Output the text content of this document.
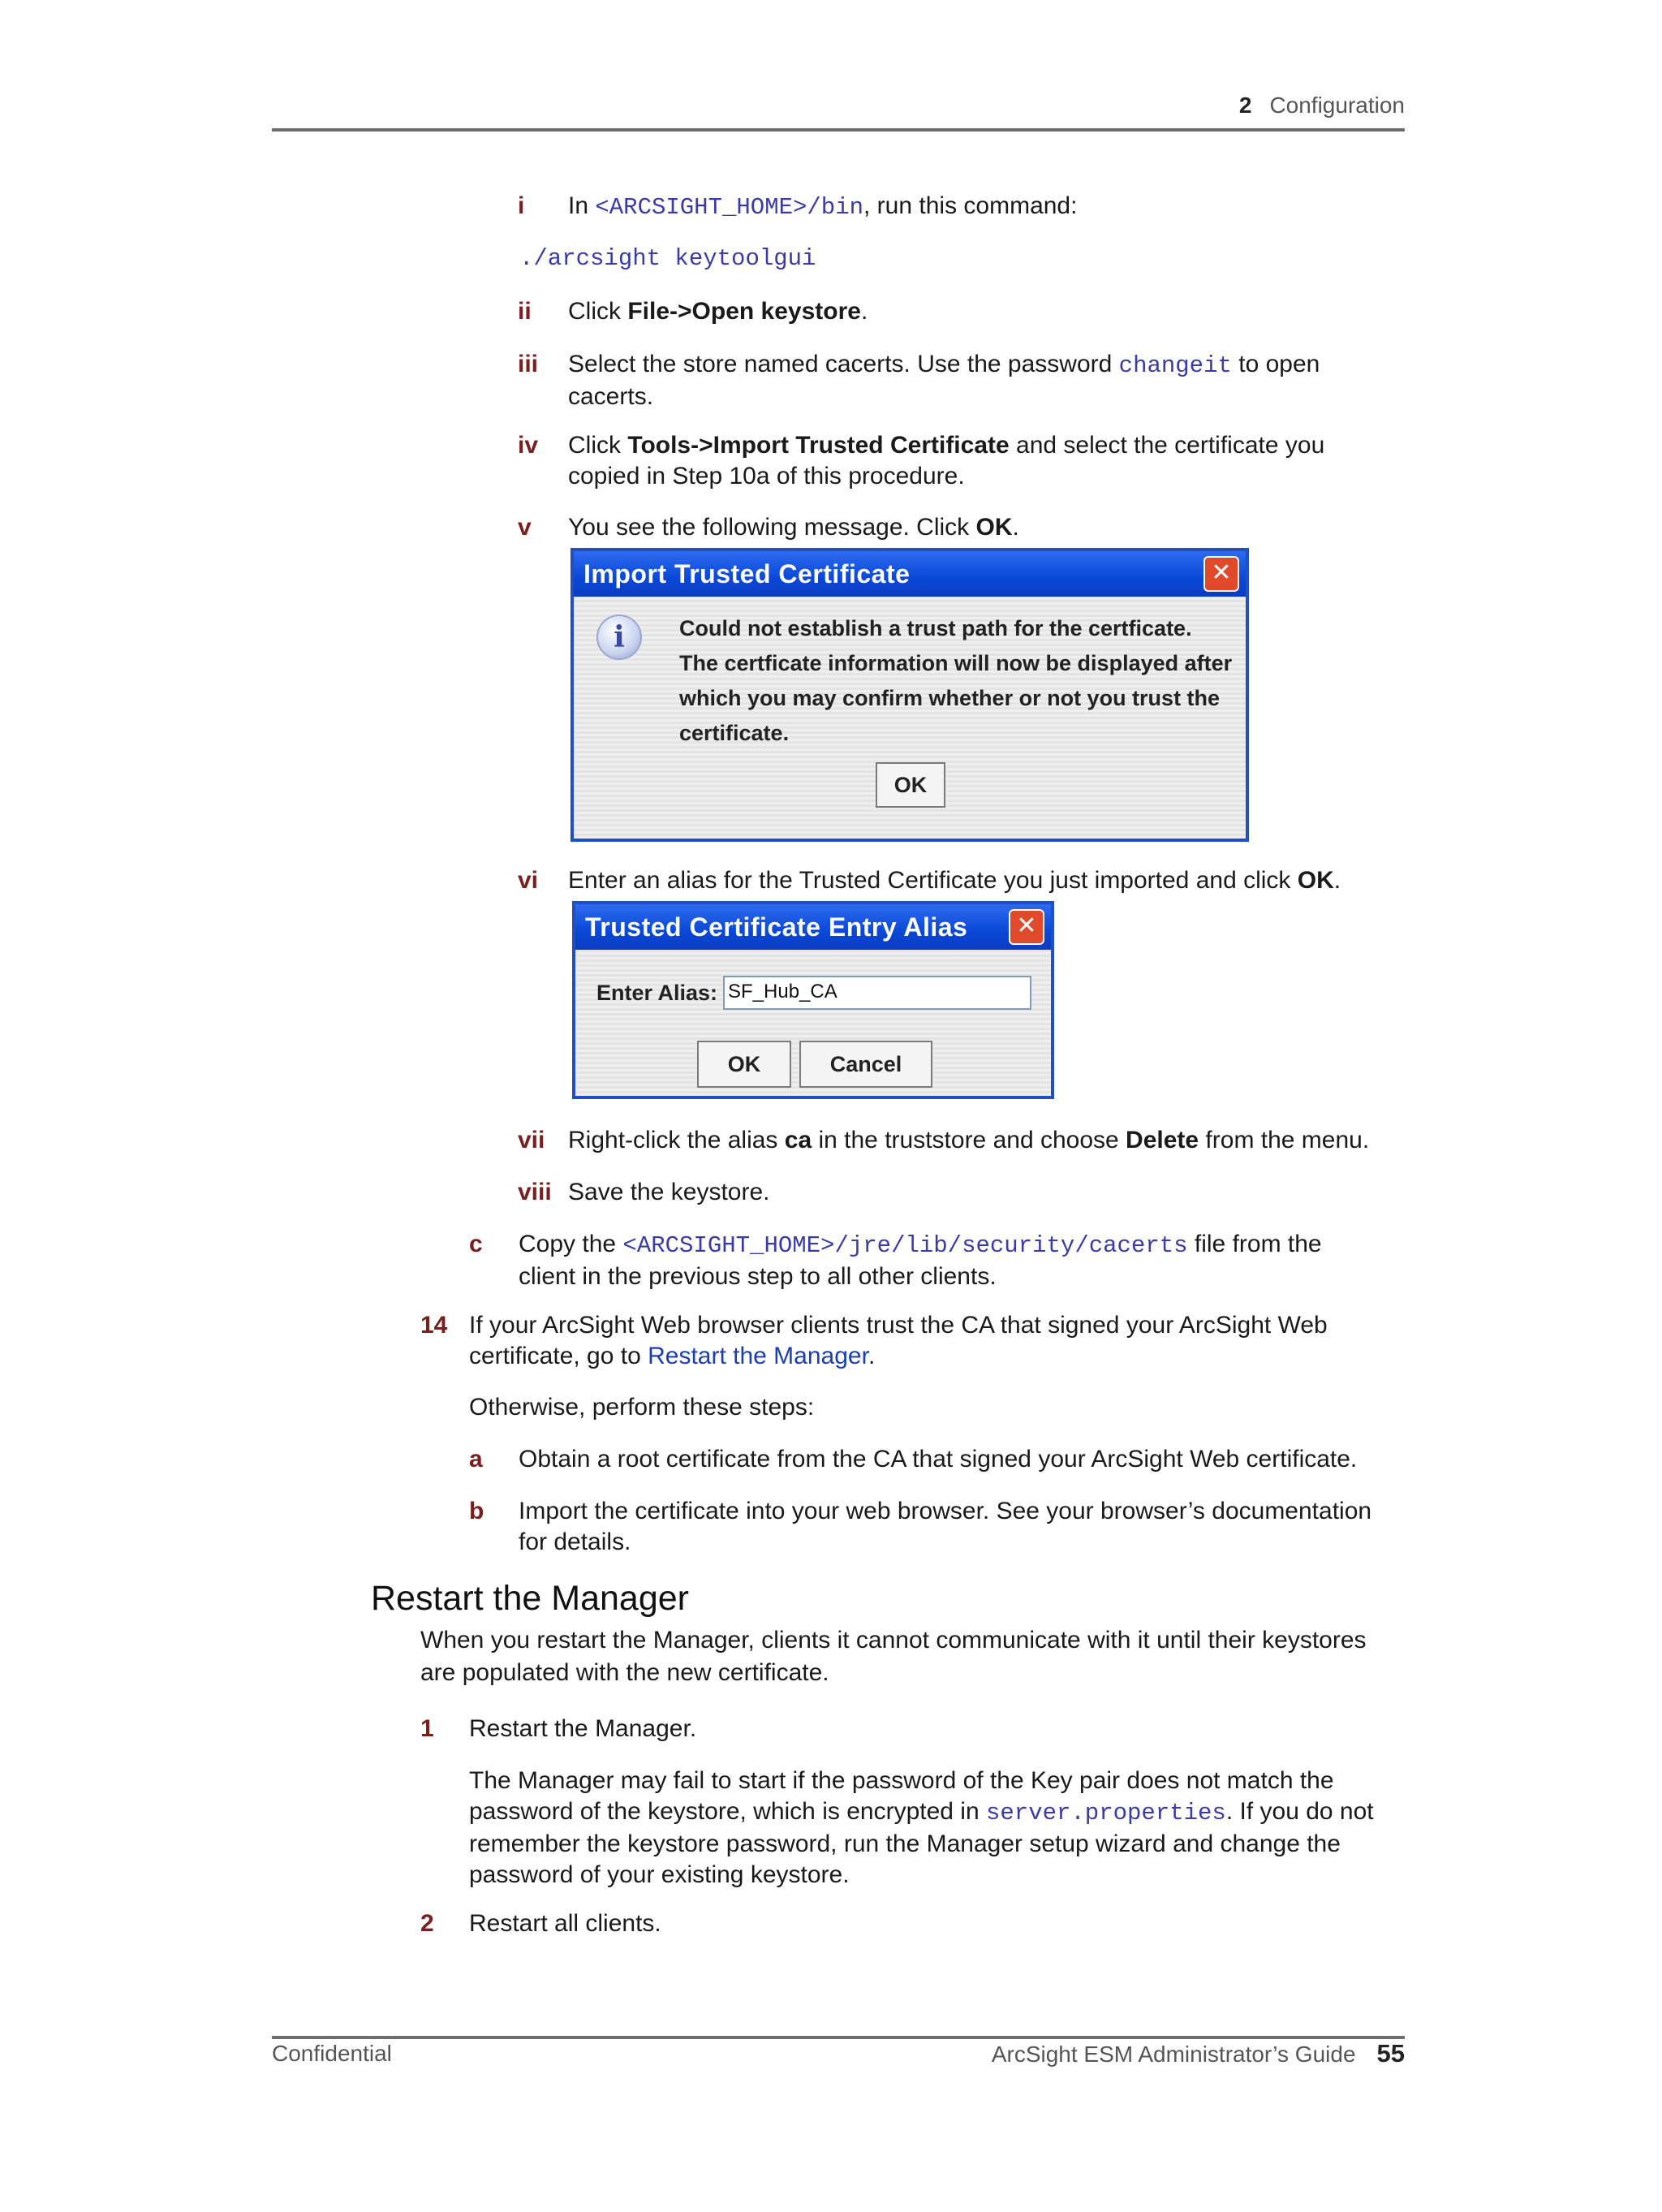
2 Configuration
i In <ARCSIGHT_HOME>/bin, run this command:
./arcsight keytoolgui
ii Click File->Open keystore.
iii Select the store named cacerts. Use the password changeit to open
cacerts.
iv Click Tools->Import Trusted Certificate and select the certificate you
copied in Step 10a of this procedure.
v You see the following message. Click OK.
Import Trusted Certificate	✕
i	Could not establish a trust path for the certficate.
The certficate information will now be displayed after
which you may confirm whether or not you trust the
certificate.
OK
vi Enter an alias for the Trusted Certificate you just imported and click OK.
Trusted Certificate Entry Alias	✕
Enter Alias: SF_Hub_CA
OK	Cancel
vii Right-click the alias ca in the truststore and choose Delete from the menu.
viii Save the keystore.
c Copy the <ARCSIGHT_HOME>/jre/lib/security/cacerts file from the
client in the previous step to all other clients.
14 If your ArcSight Web browser clients trust the CA that signed your ArcSight Web
certificate, go to Restart the Manager.
Otherwise, perform these steps:
a Obtain a root certificate from the CA that signed your ArcSight Web certificate.
b Import the certificate into your web browser. See your browser’s documentation
for details.
Restart the Manager
When you restart the Manager, clients it cannot communicate with it until their keystores
are populated with the new certificate.
1 Restart the Manager.
The Manager may fail to start if the password of the Key pair does not match the
password of the keystore, which is encrypted in server.properties. If you do not
remember the keystore password, run the Manager setup wizard and change the
password of your existing keystore.
2 Restart all clients.
Confidential	ArcSight ESM Administrator’s Guide 55
